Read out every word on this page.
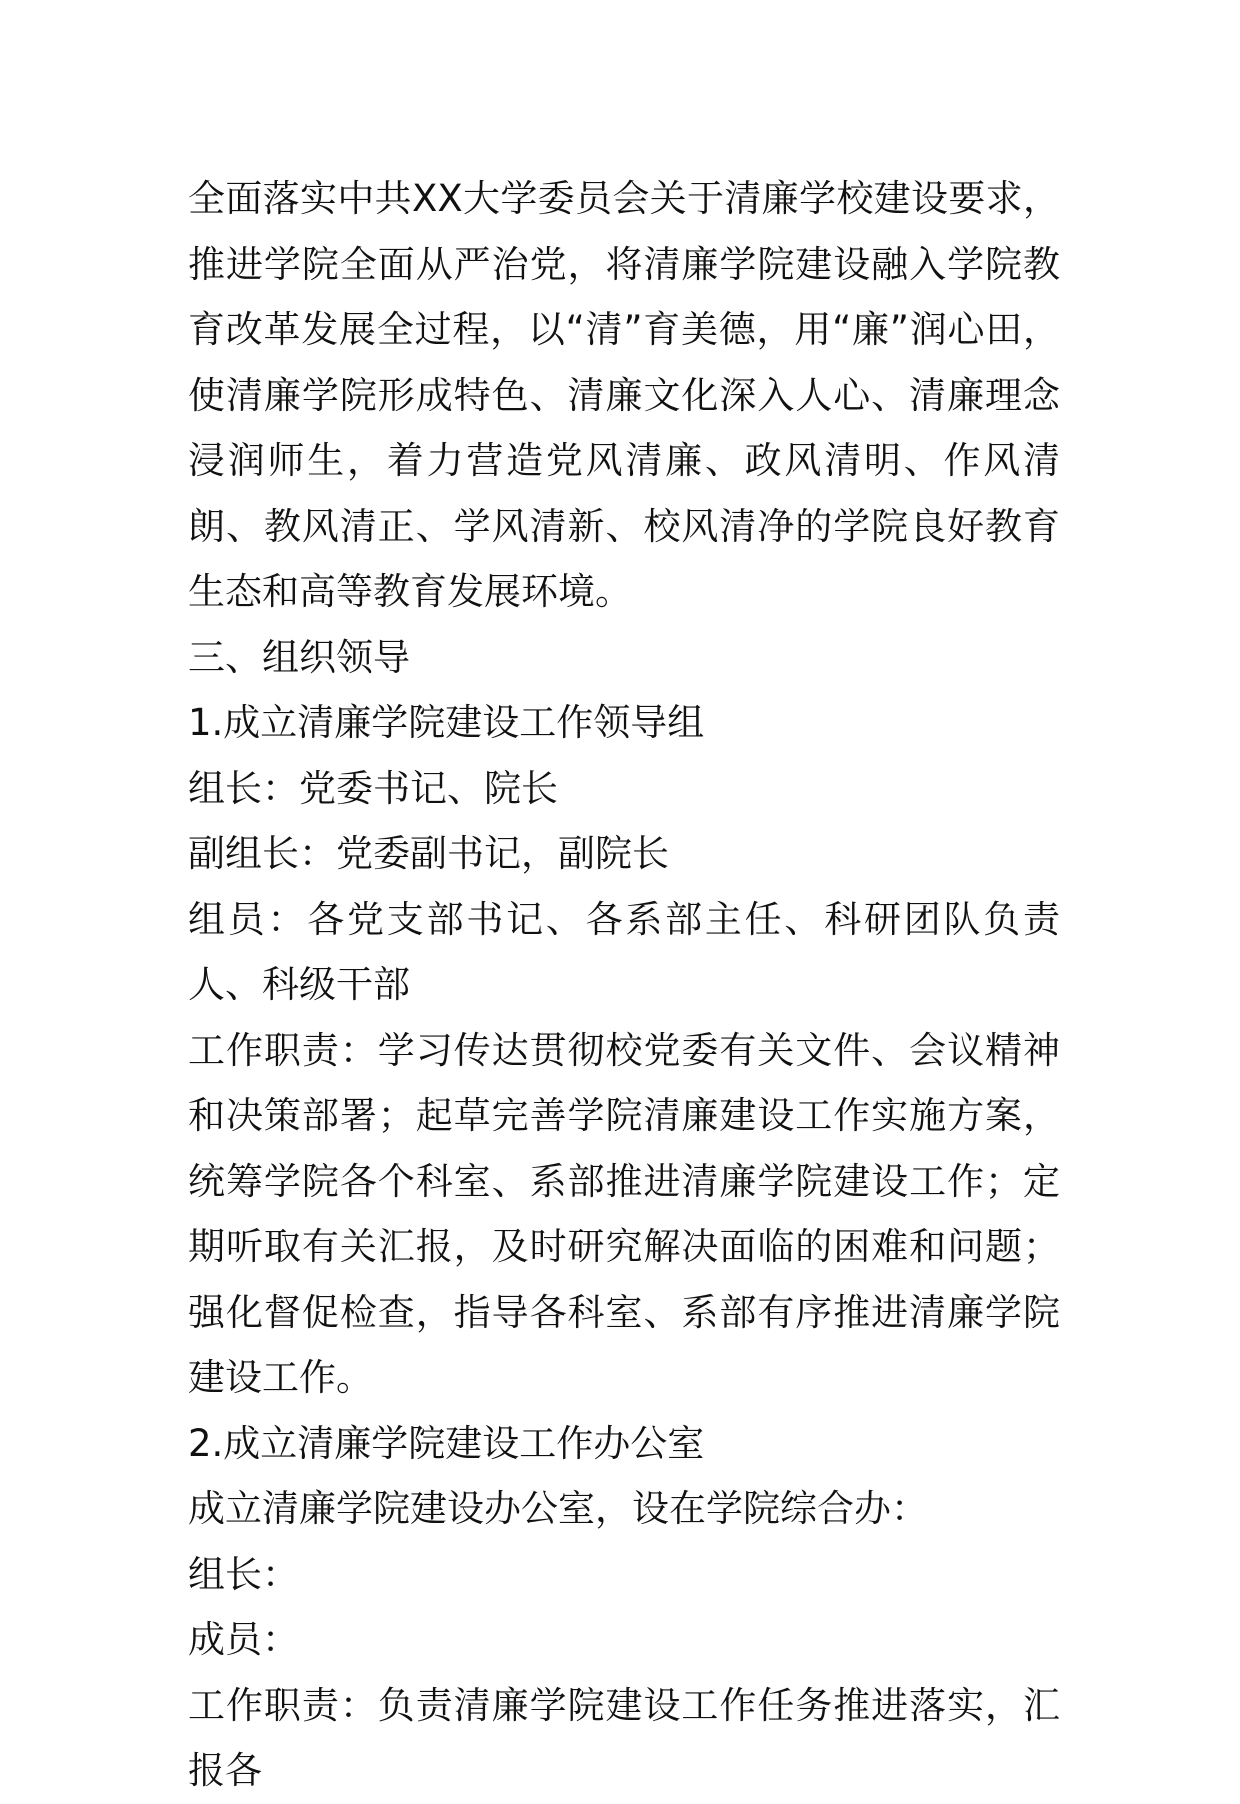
全面落实中共XX大学委员会关于清廉学校建设要求，推进学院全面从严治党，将清廉学院建设融入学院教育改革发展全过程，以“清”育美德，用“廉”润心田，使清廉学院形成特色、清廉文化深入人心、清廉理念浸润师生，着力营造党风清廉、政风清明、作风清朗、教风清正、学风清新、校风清净的学院良好教育生态和高等教育发展环境。

三、组织领导

1.成立清廉学院建设工作领导组

组长：党委书记、院长

副组长：党委副书记，副院长

组员：各党支部书记、各系部主任、科研团队负责人、科级干部

工作职责：学习传达贯彻校党委有关文件、会议精神和决策部署；起草完善学院清廉建设工作实施方案，统筹学院各个科室、系部推进清廉学院建设工作；定期听取有关汇报，及时研究解决面临的困难和问题；强化督促检查，指导各科室、系部有序推进清廉学院建设工作。

2.成立清廉学院建设工作办公室

成立清廉学院建设办公室，设在学院综合办：

组长：

成员：

工作职责：负责清廉学院建设工作任务推进落实，汇报各
